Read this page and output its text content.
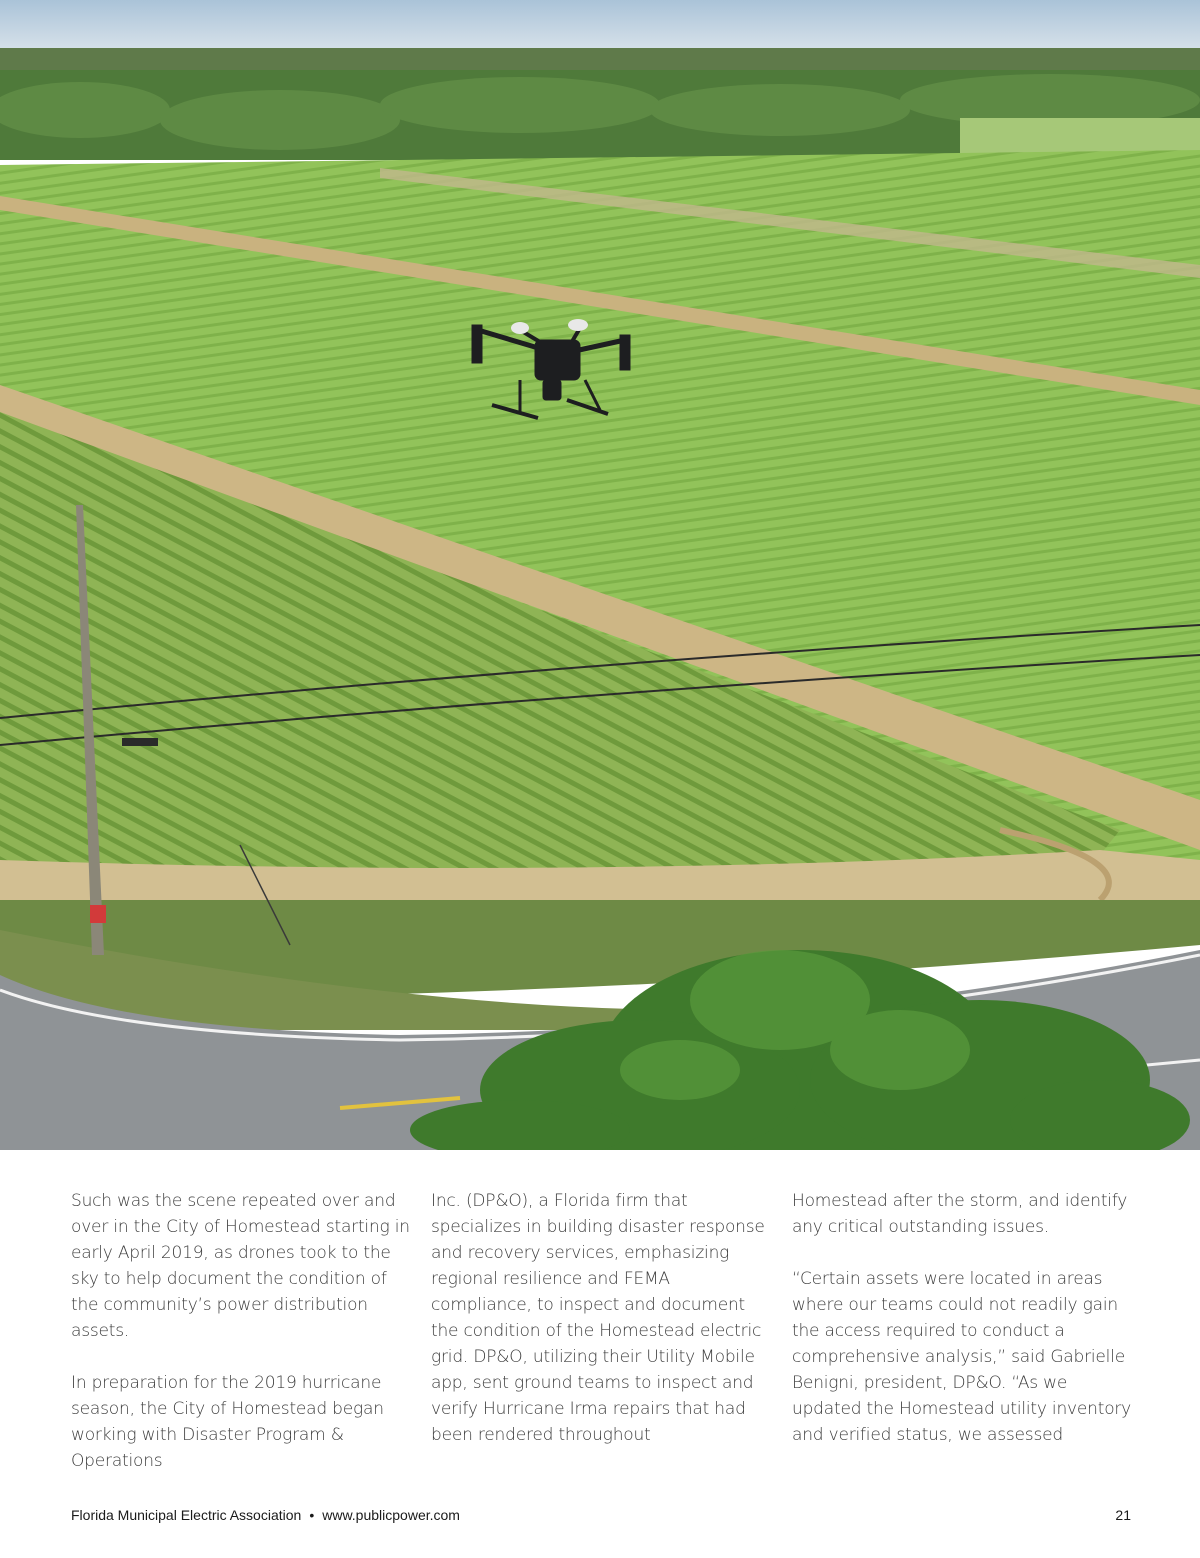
Such was the scene repeated over and over in the City of Homestead starting in early April 2019, as drones took to the sky to help document the condition of the community’s power distribution assets.

In preparation for the 2019 hurricane season, the City of Homestead began working with Disaster Program & Operations

Inc. (DP&O), a Florida firm that specializes in building disaster response and recovery services, emphasizing regional resilience and FEMA compliance, to inspect and document the condition of the Homestead electric grid. DP&O, utilizing their Utility Mobile app, sent ground teams to inspect and verify Hurricane Irma repairs that had been rendered throughout

Homestead after the storm, and identify any critical outstanding issues.

“Certain assets were located in areas where our teams could not readily gain the access required to conduct a comprehensive analysis,” said Gabrielle Benigni, president, DP&O. “As we updated the Homestead utility inventory and verified status, we assessed

Florida Municipal Electric Association • www.publicpower.com	21
